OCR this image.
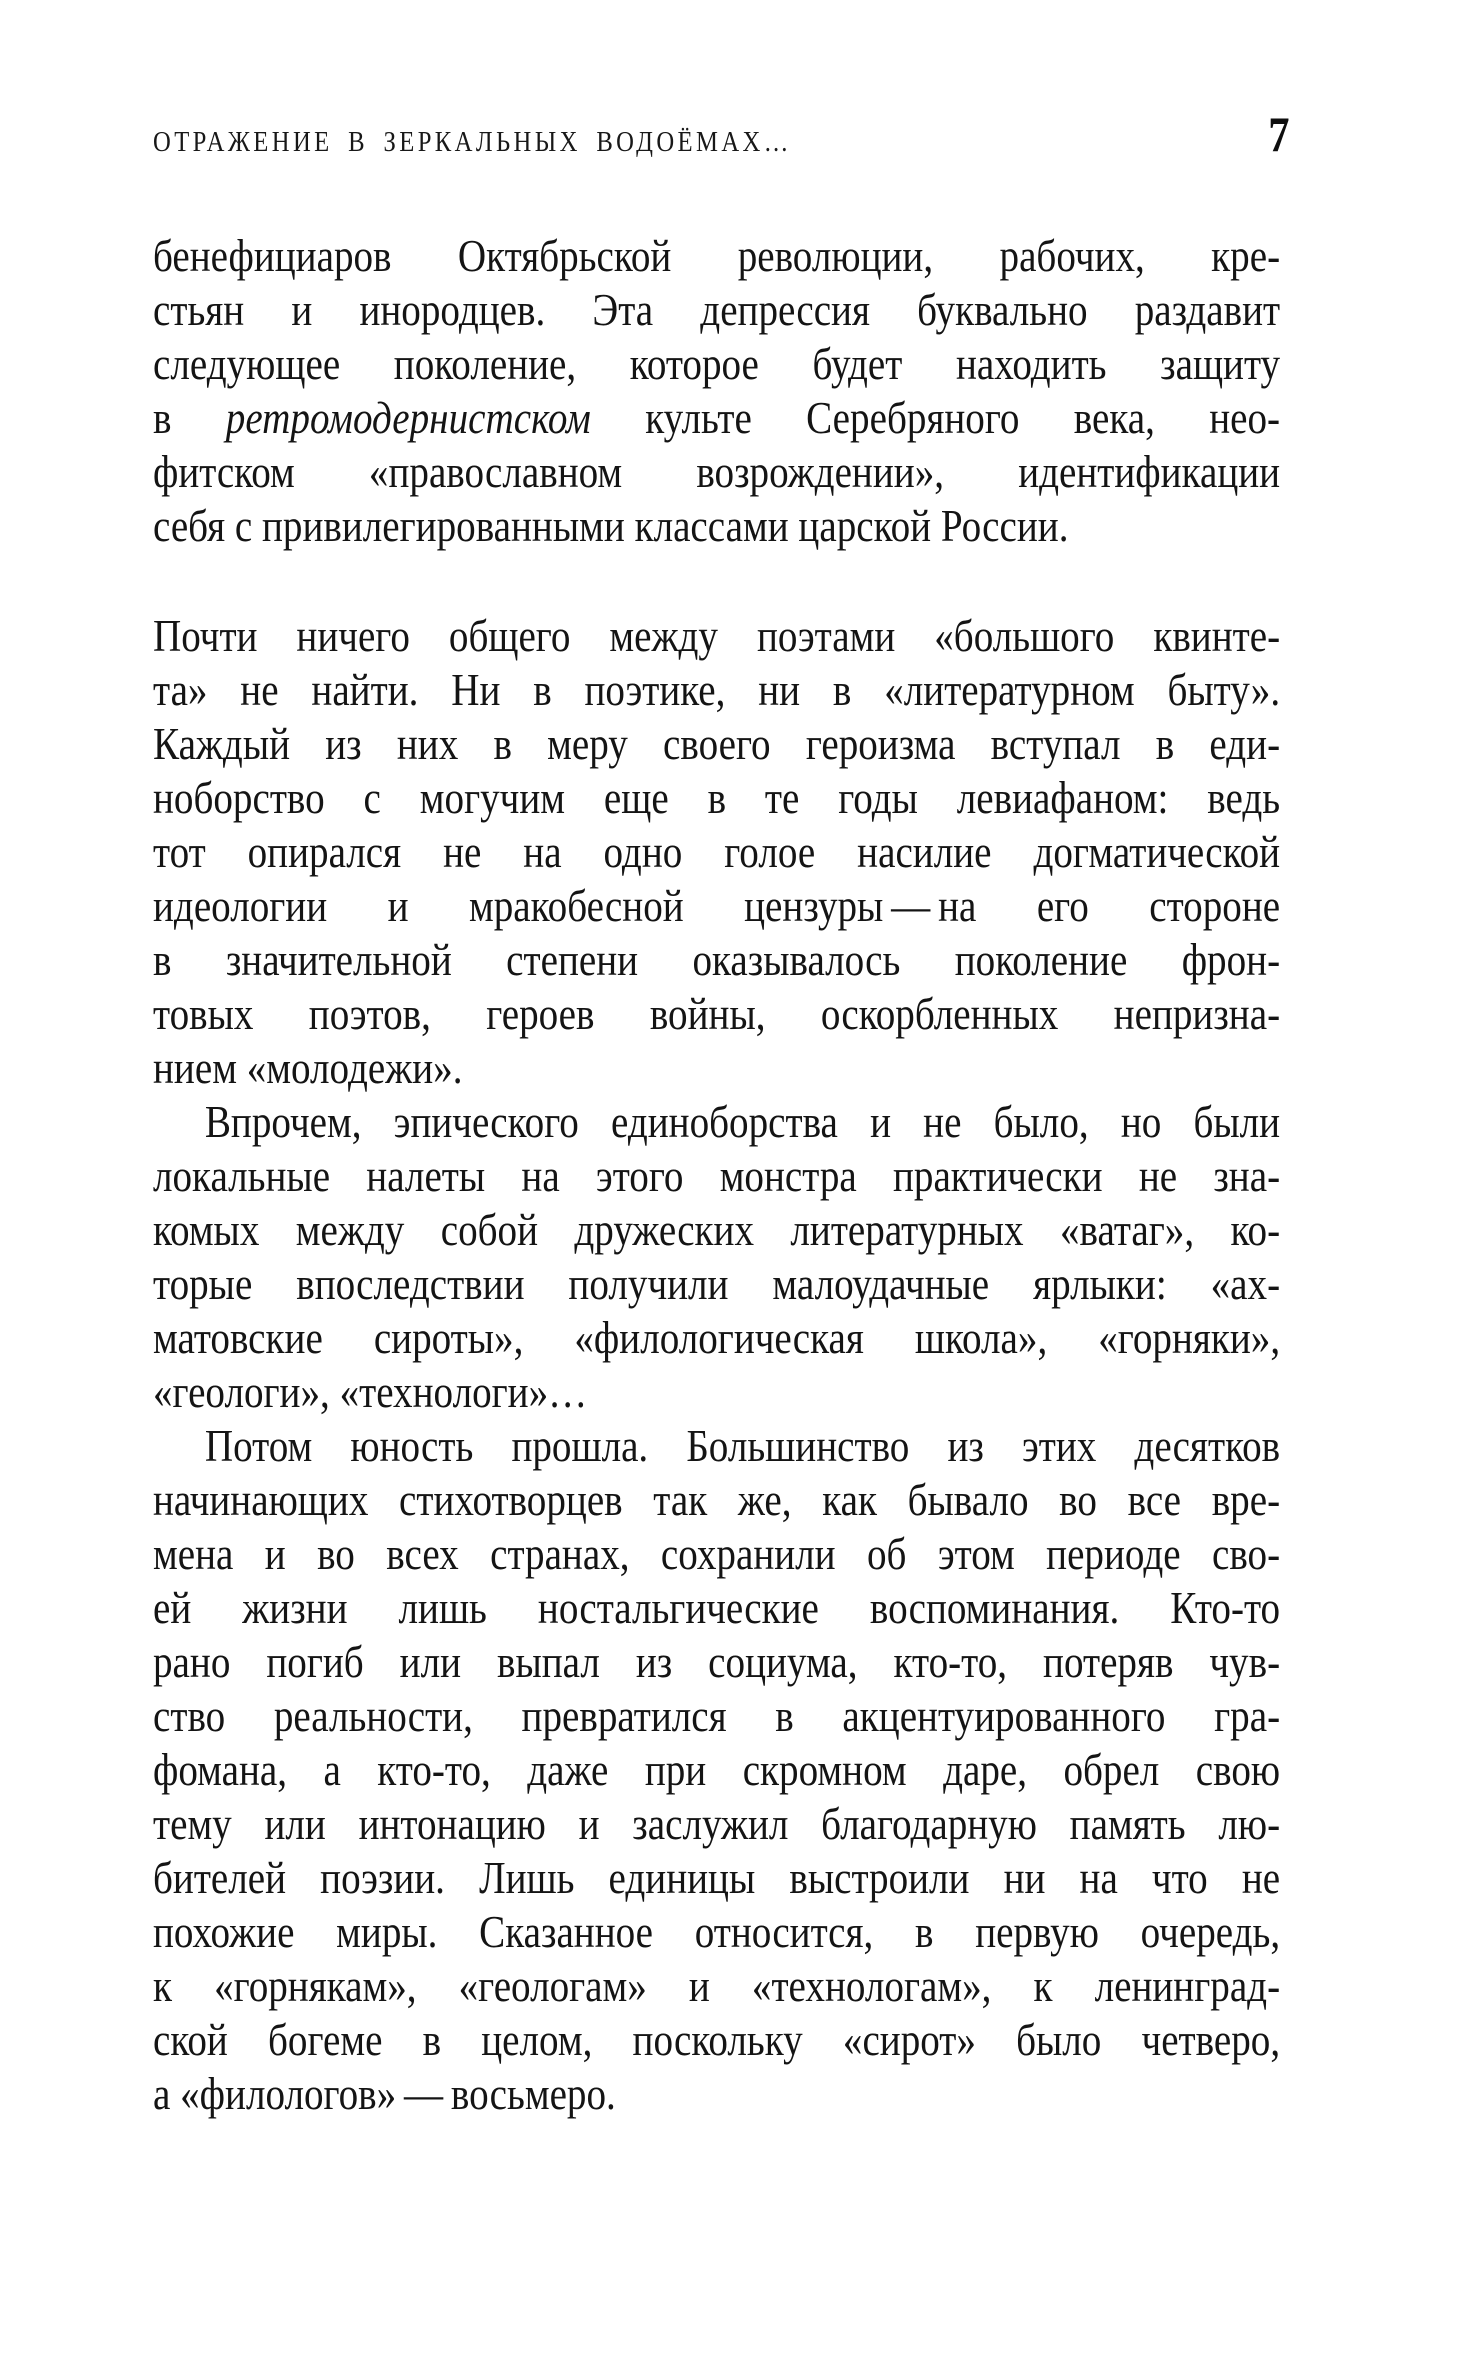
ОТРАЖЕНИЕ В ЗЕРКАЛЬНЫХ ВОДОЁМАХ…	7
бенефициаров Октябрьской революции, рабочих, кре-
стьян и инородцев. Эта депрессия буквально раздавит
следующее поколение, которое будет находить защиту
в ретромодернистском культе Серебряного века, нео-
фитском «православном возрождении», идентификации
себя с привилегированными классами царской России.
Почти ничего общего между поэтами «большого квинте-
та» не найти. Ни в поэтике, ни в «литературном быту».
Каждый из них в меру своего героизма вступал в еди-
ноборство с могучим еще в те годы левиафаном: ведь
тот опирался не на одно голое насилие догматической
идеологии и мракобесной цензуры — на его стороне
в значительной степени оказывалось поколение фрон-
товых поэтов, героев войны, оскорбленных непризна-
нием «молодежи».
Впрочем, эпического единоборства и не было, но были
локальные налеты на этого монстра практически не зна-
комых между собой дружеских литературных «ватаг», ко-
торые впоследствии получили малоудачные ярлыки: «ах-
матовские сироты», «филологическая школа», «горняки»,
«геологи», «технологи»…
Потом юность прошла. Большинство из этих десятков
начинающих стихотворцев так же, как бывало во все вре-
мена и во всех странах, сохранили об этом периоде сво-
ей жизни лишь ностальгические воспоминания. Кто-то
рано погиб или выпал из социума, кто-то, потеряв чув-
ство реальности, превратился в акцентуированного гра-
фомана, а кто-то, даже при скромном даре, обрел свою
тему или интонацию и заслужил благодарную память лю-
бителей поэзии. Лишь единицы выстроили ни на что не
похожие миры. Сказанное относится, в первую очередь,
к «горнякам», «геологам» и «технологам», к ленинград-
ской богеме в целом, поскольку «сирот» было четверо,
а «филологов» — восьмеро.
